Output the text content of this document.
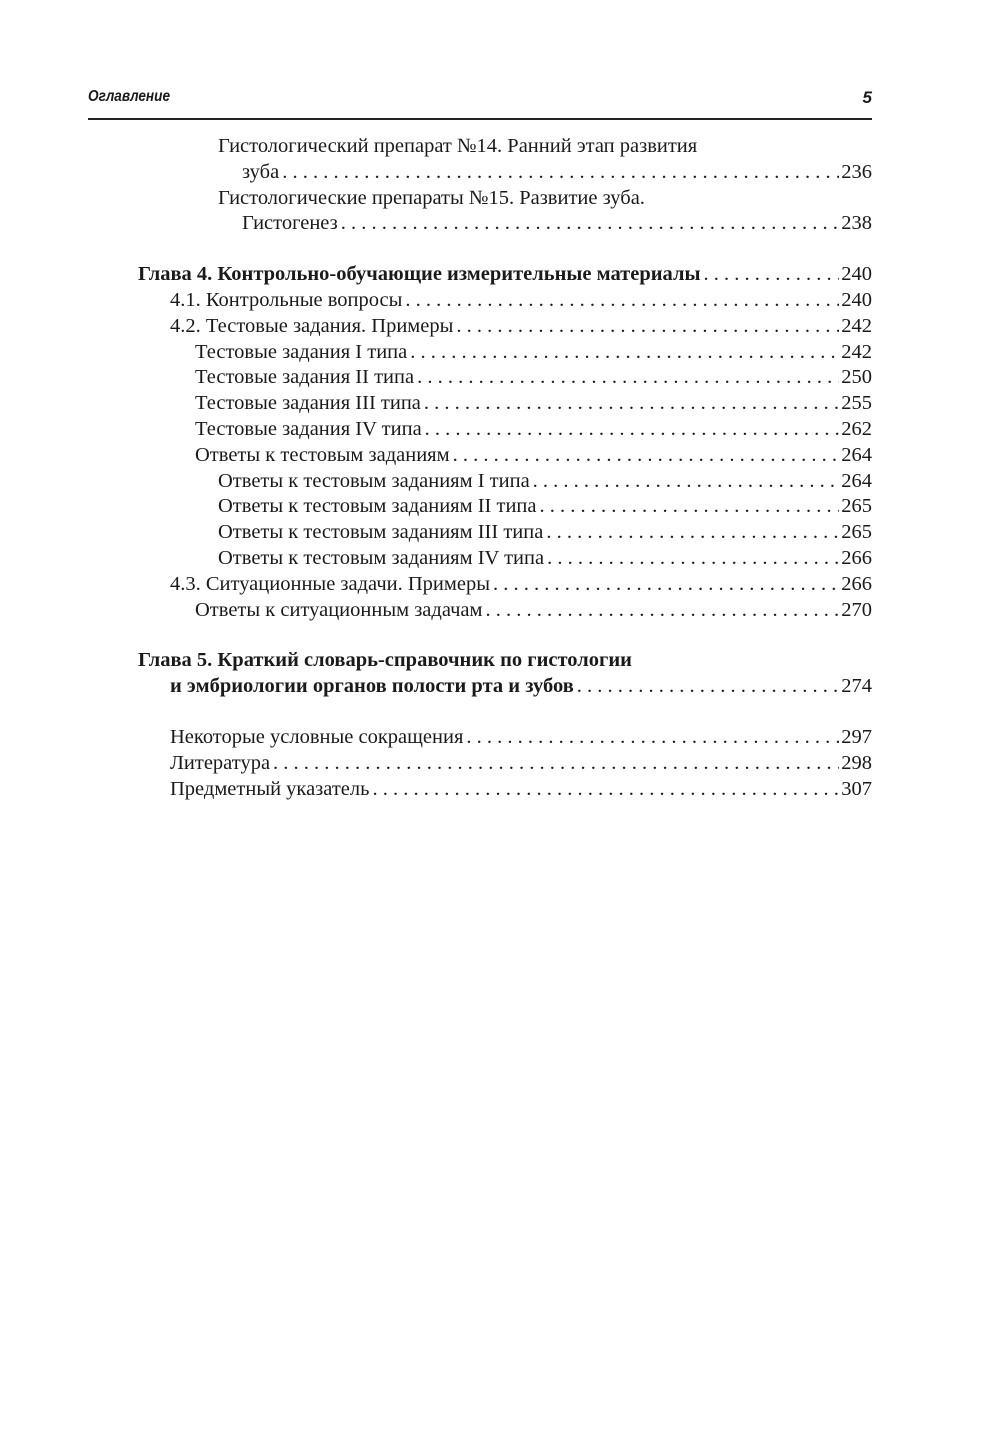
Оглавление	5
Гистологический препарат №14. Ранний этап развития
зуба . . .	236
Гистологические препараты №15. Развитие зуба.
Гистогенез . . .	238
Глава 4. Контрольно-обучающие измерительные материалы . . .	240
4.1. Контрольные вопросы . . .	240
4.2. Тестовые задания. Примеры . . .	242
Тестовые задания I типа . . .	242
Тестовые задания II типа . . .	250
Тестовые задания III типа . . .	255
Тестовые задания IV типа . . .	262
Ответы к тестовым заданиям . . .	264
Ответы к тестовым заданиям I типа . . .	264
Ответы к тестовым заданиям II типа . . .	265
Ответы к тестовым заданиям III типа . . .	265
Ответы к тестовым заданиям IV типа . . .	266
4.3. Ситуационные задачи. Примеры . . .	266
Ответы к ситуационным задачам . . .	270
Глава 5. Краткий словарь-справочник по гистологии
и эмбриологии органов полости рта и зубов . . .	274
Некоторые условные сокращения . . .	297
Литература . . .	298
Предметный указатель . . .	307
